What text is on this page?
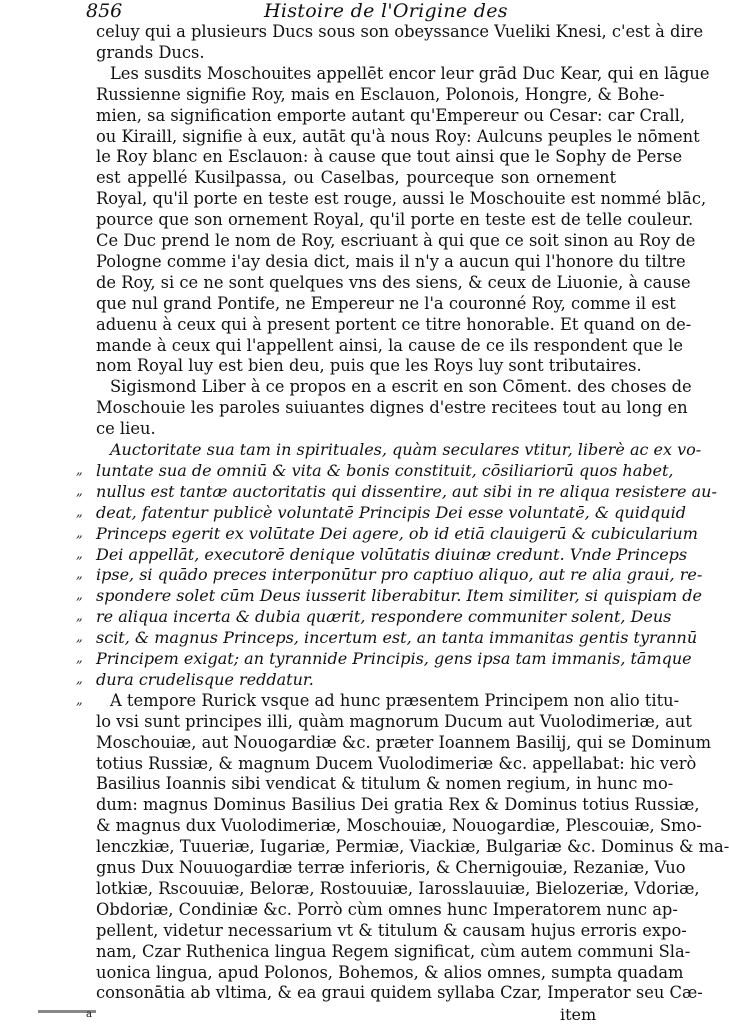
856	Histoire de l'Origine des
celuy qui a plusieurs Ducs sous son obeyssance Vueliki Knesi, c'est à dire
grands Ducs.
Les susdits Moschouites appellēt encor leur grād Duc Kear, qui en lāgue
Russienne signifie Roy, mais en Esclauon, Polonois, Hongre, & Bohe-
mien, sa signification emporte autant qu'Empereur ou Cesar: car Crall,
ou Kiraill, signifie à eux, autāt qu'à nous Roy: Aulcuns peuples le nōment
le Roy blanc en Esclauon: à cause que tout ainsi que le Sophy de Perse
est appellé Kusilpassa, ou Caselbas, pourceque son ornement
Royal, qu'il porte en teste est rouge, aussi le Moschouite est nommé blāc,
pource que son ornement Royal, qu'il porte en teste est de telle couleur.
Ce Duc prend le nom de Roy, escriuant à qui que ce soit sinon au Roy de
Pologne comme i'ay desia dict, mais il n'y a aucun qui l'honore du tiltre
de Roy, si ce ne sont quelques vns des siens, & ceux de Liuonie, à cause
que nul grand Pontife, ne Empereur ne l'a couronné Roy, comme il est
aduenu à ceux qui à present portent ce titre honorable. Et quand on de-
mande à ceux qui l'appellent ainsi, la cause de ce ils respondent que le
nom Royal luy est bien deu, puis que les Roys luy sont tributaires.
Sigismond Liber à ce propos en a escrit en son Cōment. des choses de
Moschouie les paroles suiuantes dignes d'estre recitees tout au long en
ce lieu.
Auctoritate sua tam in spirituales, quàm seculares vtitur, liberè ac ex vo-
luntate sua de omniū & vita & bonis constituit, cōsiliariorū quos habet,
nullus est tantæ auctoritatis qui dissentire, aut sibi in re aliqua resistere au-
deat, fatentur publicè voluntatē Principis Dei esse voluntatē, & quidquid
Princeps egerit ex volūtate Dei agere, ob id etiā clauigerū & cubicularium
Dei appellāt, executorē denique volūtatis diuinæ credunt. Vnde Princeps
ipse, si quādo preces interponūtur pro captiuo aliquo, aut re alia graui, re-
spondere solet cūm Deus iusserit liberabitur. Item similiter, si quispiam de
re aliqua incerta & dubia quærit, respondere communiter solent, Deus
scit, & magnus Princeps, incertum est, an tanta immanitas gentis tyrannū
Principem exigat; an tyrannide Principis, gens ipsa tam immanis, tāmque
dura crudelisque reddatur.
A tempore Rurick vsque ad hunc præsentem Principem non alio titu-
lo vsi sunt principes illi, quàm magnorum Ducum aut Vuolodimeriæ, aut
Moschouiæ, aut Nouogardiæ &c. præter Ioannem Basilij, qui se Dominum
totius Russiæ, & magnum Ducem Vuolodimeriæ &c. appellabat: hic verò
Basilius Ioannis sibi vendicat & titulum & nomen regium, in hunc mo-
dum: magnus Dominus Basilius Dei gratia Rex & Dominus totius Russiæ,
& magnus dux Vuolodimeriæ, Moschouiæ, Nouogardiæ, Plescouiæ, Smo-
lenczkiæ, Tuueriæ, Iugariæ, Permiæ, Viackiæ, Bulgariæ &c. Dominus & ma-
gnus Dux Nouuogardiæ terræ inferioris, & Chernigouiæ, Rezaniæ, Vuo
lotkiæ, Rscouuiæ, Beloræ, Rostouuiæ, Iarosslauuiæ, Bielozeriæ, Vdoriæ,
Obdoriæ, Condiniæ &c. Porrò cùm omnes hunc Imperatorem nunc ap-
pellent, videtur necessarium vt & titulum & causam hujus erroris expo-
nam, Czar Ruthenica lingua Regem significat, cùm autem communi Sla-
uonica lingua, apud Polonos, Bohemos, & alios omnes, sumpta quadam
consonātia ab vltima, & ea graui quidem syllaba Czar, Imperator seu Cæ-
„
„
„
„
„
„
„
„
„
„
„
„
item
a
